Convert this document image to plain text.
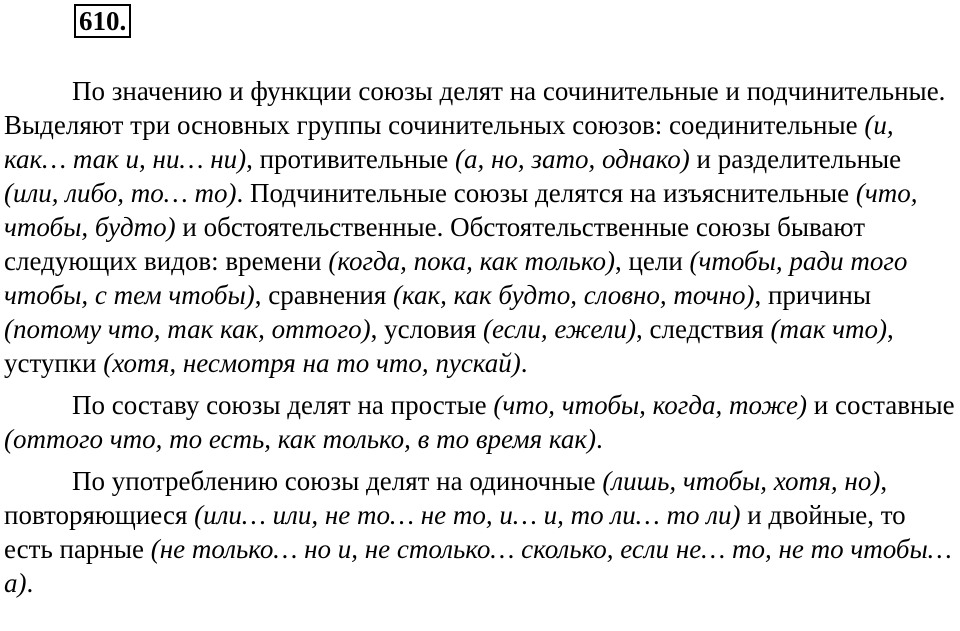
610.

По значению и функции союзы делят на сочинительные и подчинительные. Выделяют три основных группы сочинительных союзов: соединительные (и, как… так и, ни… ни), противительные (а, но, зато, однако) и разделительные (или, либо, то… то). Подчинительные союзы делятся на изъяснительные (что, чтобы, будто) и обстоятельственные. Обстоятельственные союзы бывают следующих видов: времени (когда, пока, как только), цели (чтобы, ради того чтобы, с тем чтобы), сравнения (как, как будто, словно, точно), причины (потому что, так как, оттого), условия (если, ежели), следствия (так что), уступки (хотя, несмотря на то что, пускай).

По составу союзы делят на простые (что, чтобы, когда, тоже) и составные (оттого что, то есть, как только, в то время как).

По употреблению союзы делят на одиночные (лишь, чтобы, хотя, но), повторяющиеся (или… или, не то… не то, и… и, то ли… то ли) и двойные, то есть парные (не только… но и, не столько… сколько, если не… то, не то чтобы… а).
